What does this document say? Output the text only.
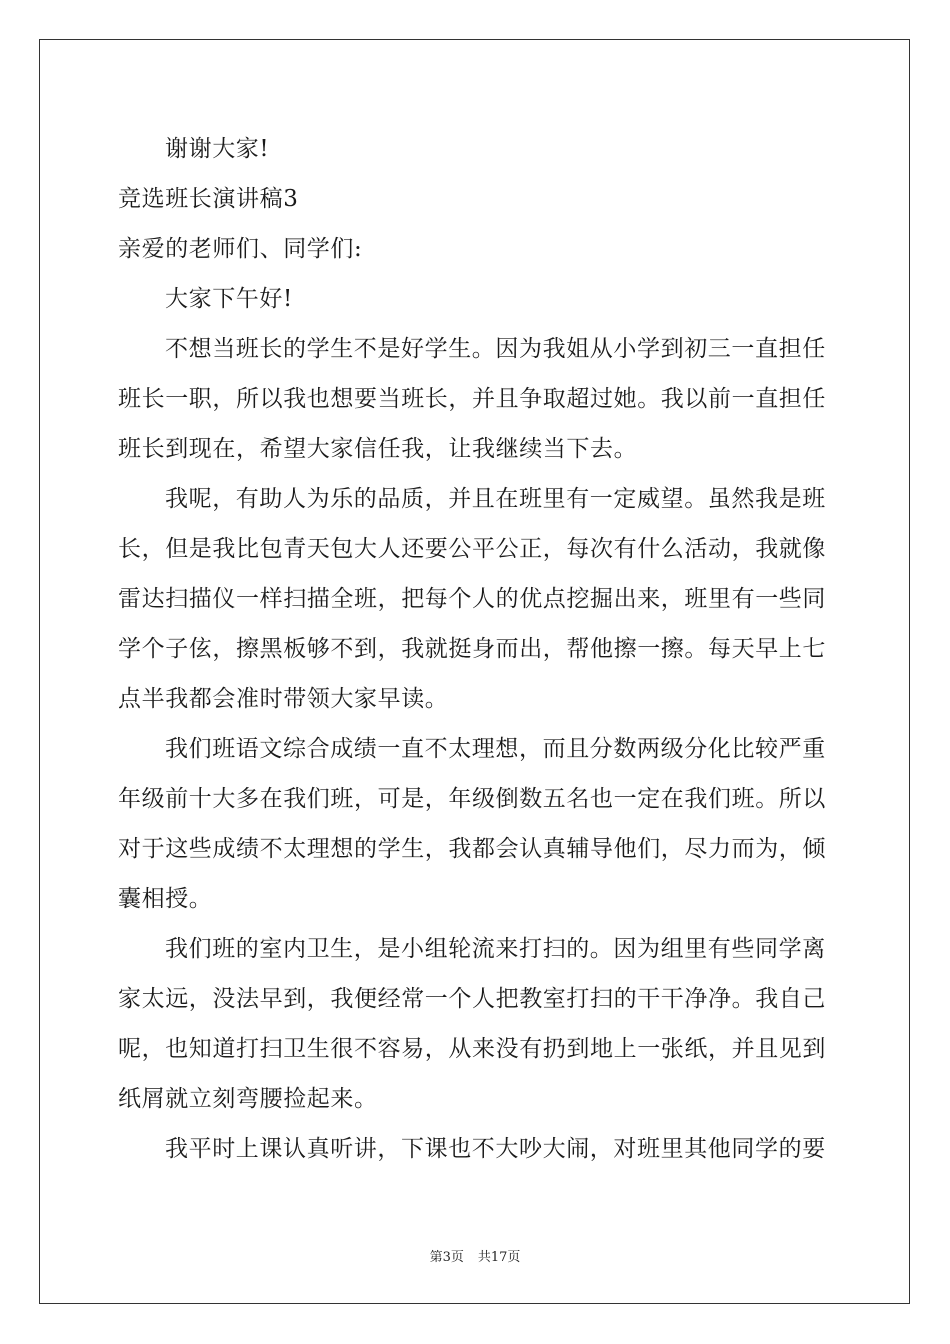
谢谢大家!
竞选班长演讲稿3
亲爱的老师们、同学们:
大家下午好!
不想当班长的学生不是好学生。因为我姐从小学到初三一直担任
班长一职，所以我也想要当班长，并且争取超过她。我以前一直担任
班长到现在，希望大家信任我，让我继续当下去。
我呢，有助人为乐的品质，并且在班里有一定威望。虽然我是班
长，但是我比包青天包大人还要公平公正，每次有什么活动，我就像
雷达扫描仪一样扫描全班，把每个人的优点挖掘出来，班里有一些同
学个子伭，擦黑板够不到，我就挺身而出，帮他擦一擦。每天早上七
点半我都会准时带领大家早读。
我们班语文综合成绩一直不太理想，而且分数两级分化比较严重
年级前十大多在我们班，可是，年级倒数五名也一定在我们班。所以
对于这些成绩不太理想的学生，我都会认真辅导他们，尽力而为，倾
囊相授。
我们班的室内卫生，是小组轮流来打扫的。因为组里有些同学离
家太远，没法早到，我便经常一个人把教室打扫的干干净净。我自己
呢，也知道打扫卫生很不容易，从来没有扔到地上一张纸，并且见到
纸屑就立刻弯腰捡起来。
我平时上课认真听讲，下课也不大吵大闹，对班里其他同学的要
第3页 共17页
